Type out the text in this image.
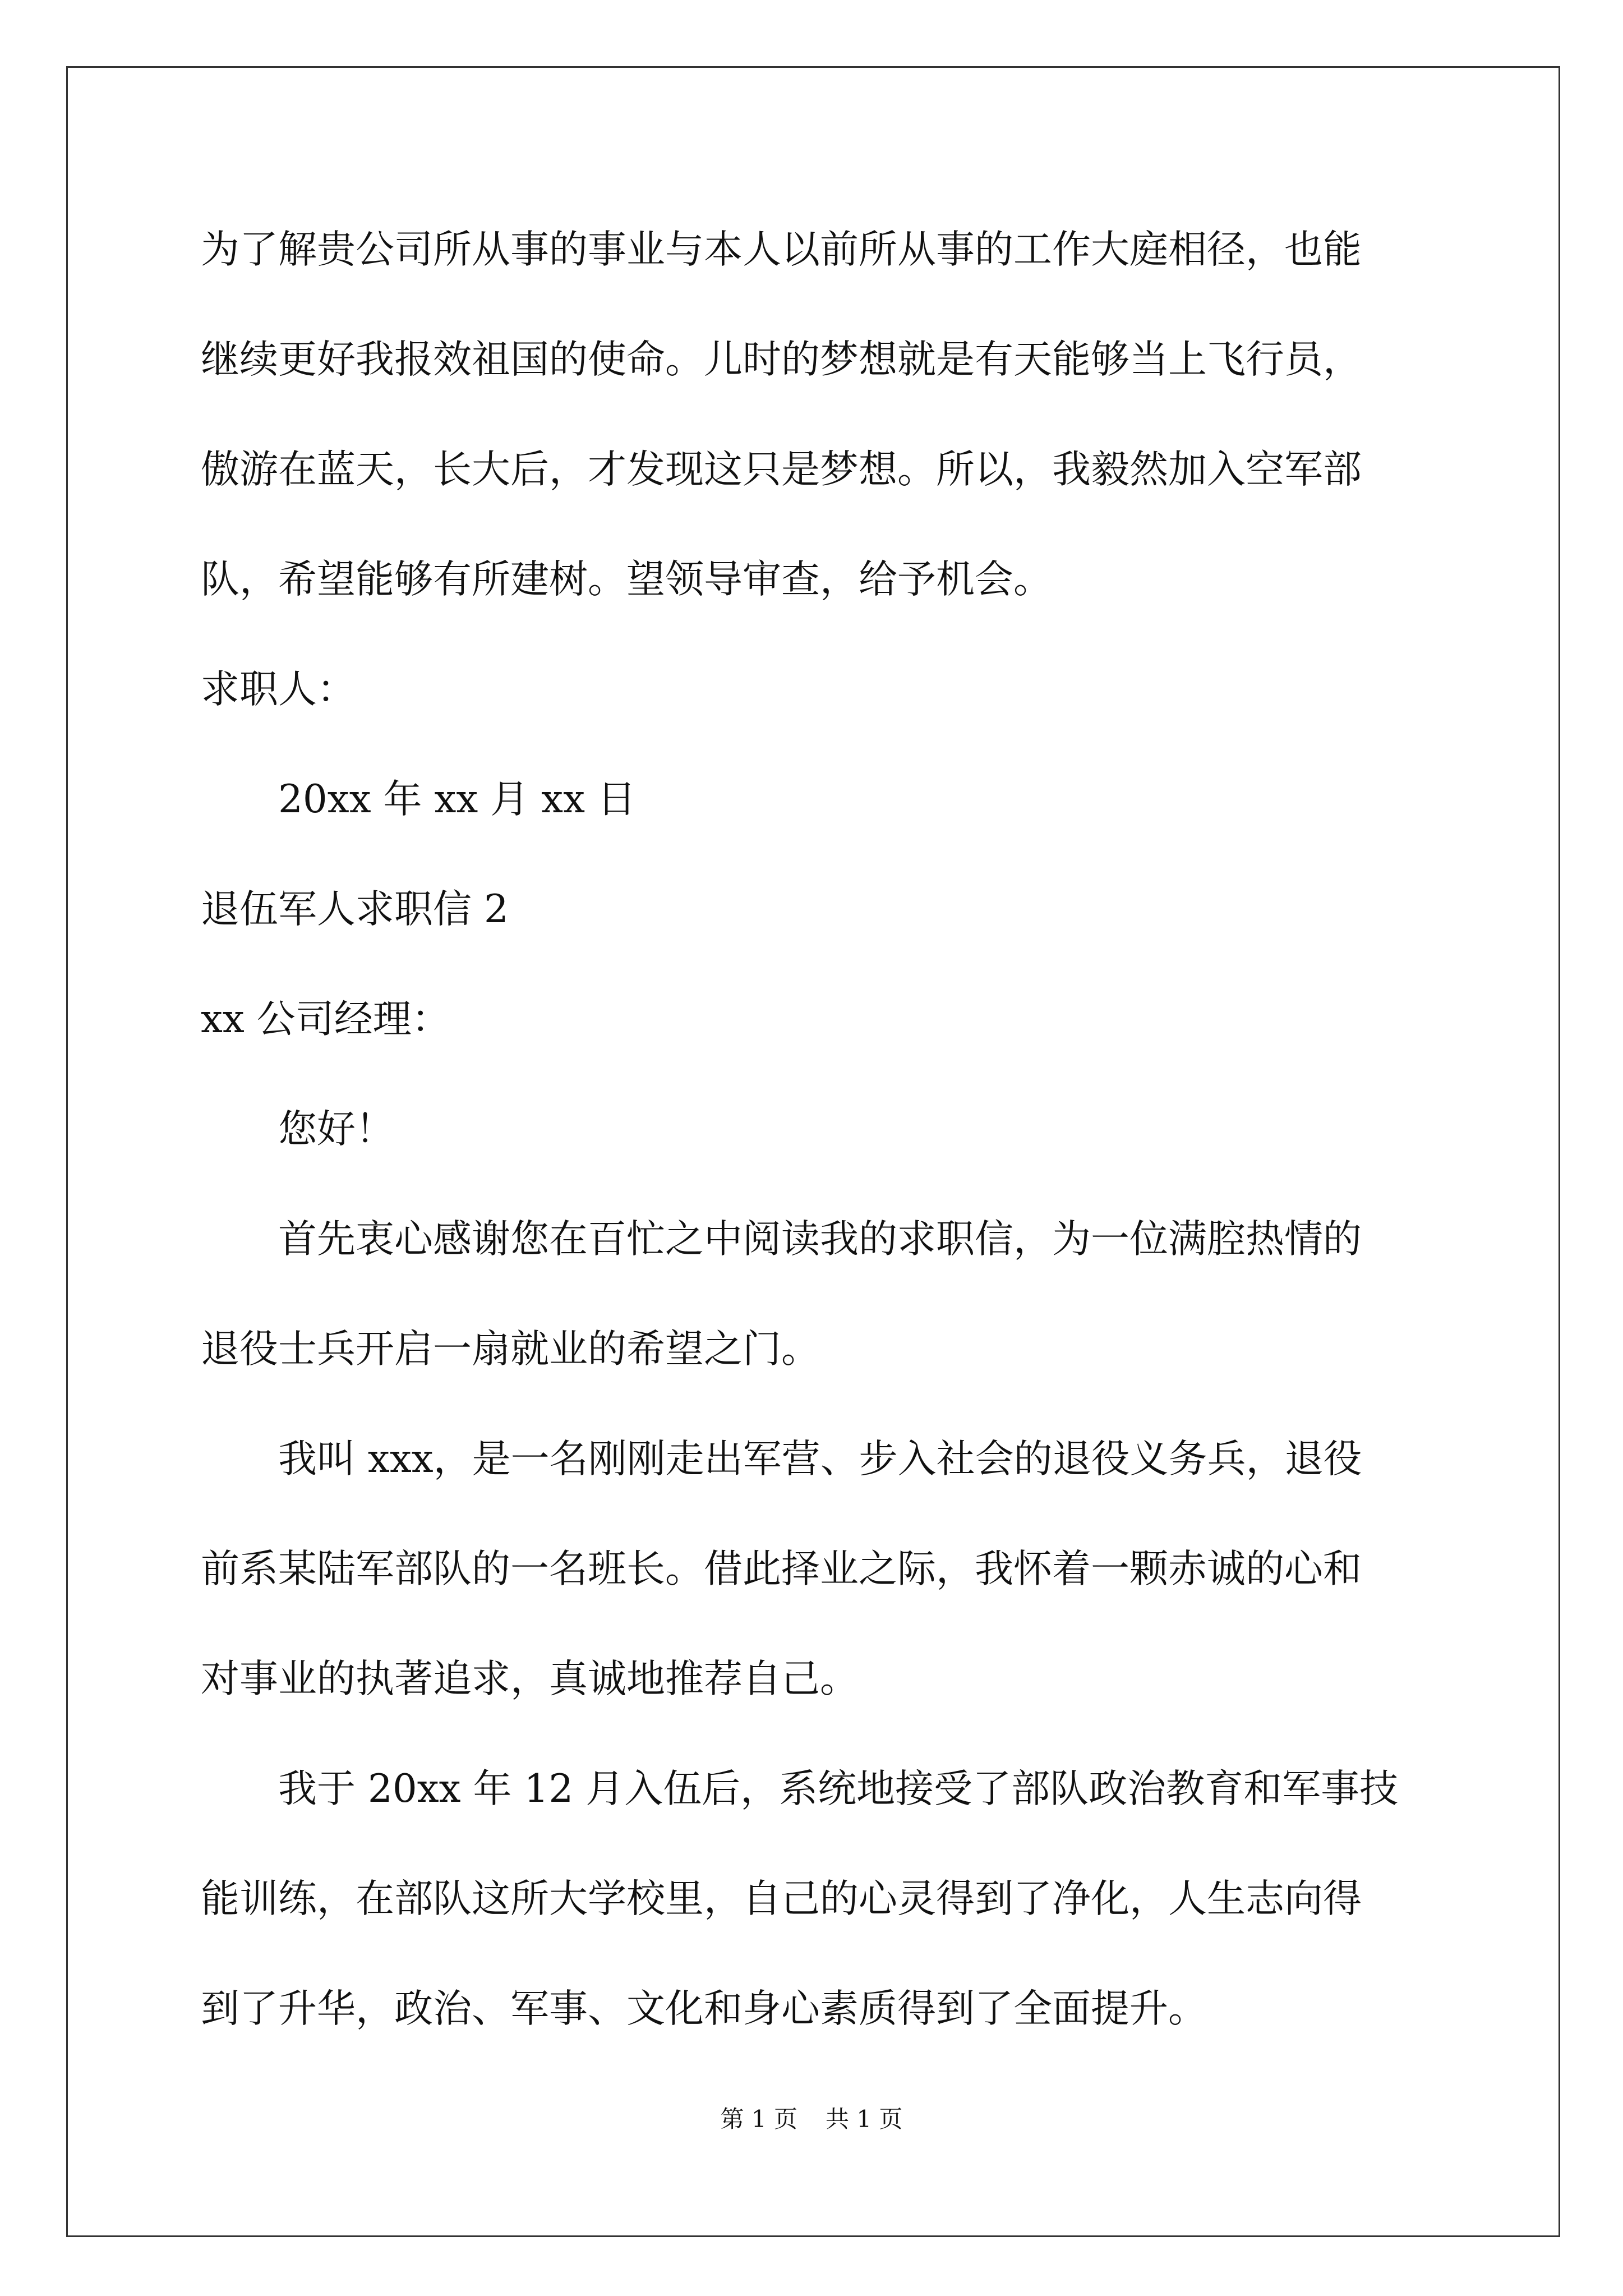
为了解贵公司所从事的事业与本人以前所从事的工作大庭相径，也能
继续更好我报效祖国的使命。儿时的梦想就是有天能够当上飞行员，
傲游在蓝天，长大后，才发现这只是梦想。所以，我毅然加入空军部
队，希望能够有所建树。望领导审查，给予机会。
求职人：
20xx 年 xx 月 xx 日
退伍军人求职信 2
xx 公司经理：
您好！
首先衷心感谢您在百忙之中阅读我的求职信，为一位满腔热情的
退役士兵开启一扇就业的希望之门。
我叫 xxx，是一名刚刚走出军营、步入社会的退役义务兵，退役
前系某陆军部队的一名班长。借此择业之际，我怀着一颗赤诚的心和
对事业的执著追求，真诚地推荐自己。
我于 20xx 年 12 月入伍后，系统地接受了部队政治教育和军事技
能训练，在部队这所大学校里，自己的心灵得到了净化，人生志向得
到了升华，政治、军事、文化和身心素质得到了全面提升。
第 1 页 共 1 页
